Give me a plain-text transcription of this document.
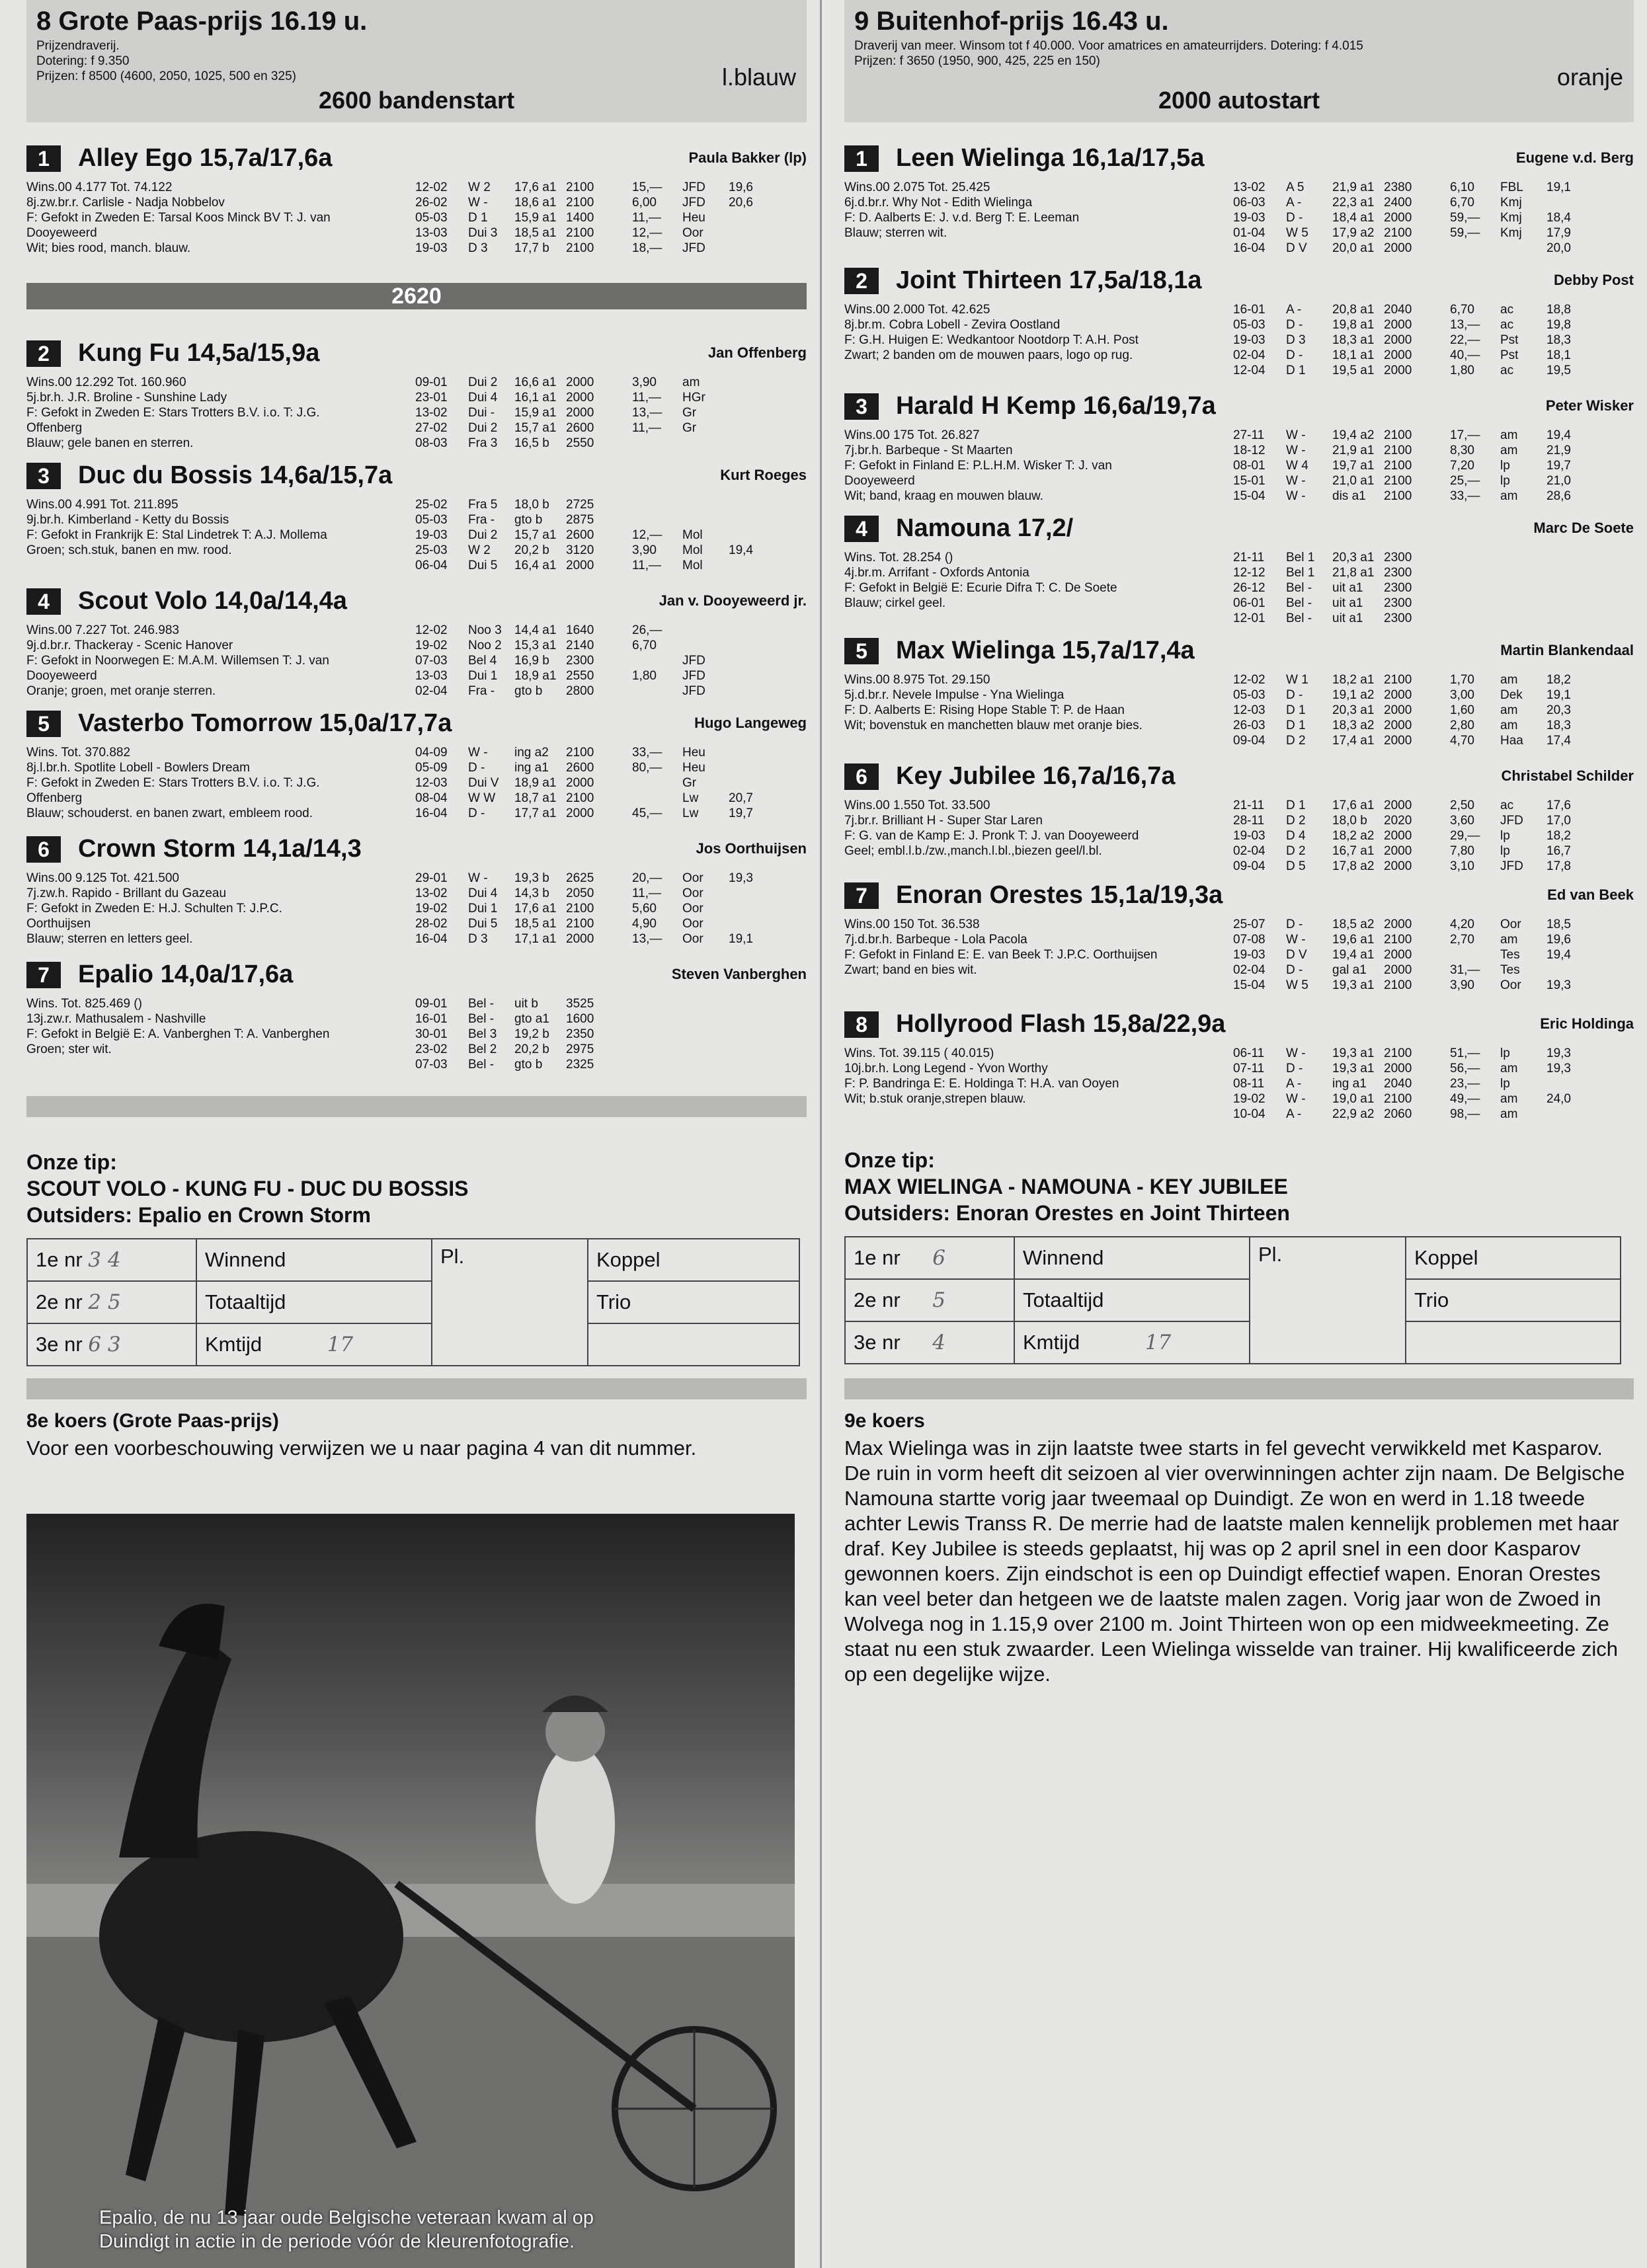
8 Grote Paas-prijs 16.19 u.
Prijzendraverij.
Dotering: f 9.350
Prijzen: f 8500 (4600, 2050, 1025, 500 en 325)
2600 bandenstart
l.blauw
1	Alley Ego 15,7a/17,6a	Paula Bakker (lp)
Wins.00 4.177 Tot. 74.122
8j.zw.br.r. Carlisle - Nadja Nobbelov
F: Gefokt in Zweden E: Tarsal Koos Minck BV T: J. van
Dooyeweerd
Wit; bies rood, manch. blauw.
12-02	W 2	17,6 a1 2100	15,—	JFD	19,6
26-02	W -	18,6 a1 2100	6,00	JFD	20,6
05-03	D 1	15,9 a1 1400	11,—	Heu
13-03	Dui 3	18,5 a1 2100	12,—	Oor
19-03	D 3	17,7 b	2100	18,—	JFD
2	Kung Fu 14,5a/15,9a	Jan Offenberg
Wins.00 12.292 Tot. 160.960
5j.br.h. J.R. Broline - Sunshine Lady
F: Gefokt in Zweden E: Stars Trotters B.V. i.o. T: J.G.
Offenberg
Blauw; gele banen en sterren.
09-01	Dui 2	16,6 a1 2000	3,90	am
23-01	Dui 4	16,1 a1 2000	11,—	HGr
13-02	Dui -	15,9 a1 2000	13,—	Gr
27-02	Dui 2	15,7 a1 2600	11,—	Gr
08-03	Fra 3	16,5 b	2550
3	Duc du Bossis 14,6a/15,7a	Kurt Roeges
Wins.00 4.991 Tot. 211.895
9j.br.h. Kimberland - Ketty du Bossis
F: Gefokt in Frankrijk E: Stal Lindetrek T: A.J. Mollema
Groen; sch.stuk, banen en mw. rood.
25-02	Fra 5	18,0 b	2725
05-03	Fra -	gto b	2875
19-03	Dui 2	15,7 a1 2600	12,—	Mol
25-03	W 2	20,2 b	3120	3,90	Mol	19,4
06-04	Dui 5	16,4 a1 2000	11,—	Mol
4	Scout Volo 14,0a/14,4a	Jan v. Dooyeweerd jr.
Wins.00 7.227 Tot. 246.983
9j.d.br.r. Thackeray - Scenic Hanover
F: Gefokt in Noorwegen E: M.A.M. Willemsen T: J. van
Dooyeweerd
Oranje; groen, met oranje sterren.
12-02	Noo 3	14,4 a1 1640	26,—
19-02	Noo 2	15,3 a1 2140	6,70
07-03	Bel 4	16,9 b	2300	JFD
13-03	Dui 1	18,9 a1 2550	1,80	JFD
02-04	Fra -	gto b	2800	JFD
5	Vasterbo Tomorrow 15,0a/17,7a	Hugo Langeweg
Wins. Tot. 370.882
8j.l.br.h. Spotlite Lobell - Bowlers Dream
F: Gefokt in Zweden E: Stars Trotters B.V. i.o. T: J.G.
Offenberg
Blauw; schouderst. en banen zwart, embleem rood.
04-09	W -	ing a2	2100	33,—	Heu
05-09	D -	ing a1	2600	80,—	Heu
12-03	Dui V	18,9 a1 2000	Gr
08-04	W W	18,7 a1 2100	Lw	20,7
16-04	D -	17,7 a1 2000	45,—	Lw	19,7
6	Crown Storm 14,1a/14,3	Jos Oorthuijsen
Wins.00 9.125 Tot. 421.500
7j.zw.h. Rapido - Brillant du Gazeau
F: Gefokt in Zweden E: H.J. Schulten T: J.P.C.
Oorthuijsen
Blauw; sterren en letters geel.
29-01	W -	19,3 b	2625	20,—	Oor	19,3
13-02	Dui 4	14,3 b	2050	11,—	Oor
19-02	Dui 1	17,6 a1 2100	5,60	Oor
28-02	Dui 5	18,5 a1 2100	4,90	Oor
16-04	D 3	17,1 a1 2000	13,—	Oor	19,1
7	Epalio 14,0a/17,6a	Steven Vanberghen
Wins. Tot. 825.469 ()
13j.zw.r. Mathusalem - Nashville
F: Gefokt in België E: A. Vanberghen T: A. Vanberghen
Groen; ster wit.
09-01	Bel -	uit b	3525
16-01	Bel -	gto a1	1600
30-01	Bel 3	19,2 b	2350
23-02	Bel 2	20,2 b	2975
07-03	Bel -	gto b	2325
2620
Onze tip:
SCOUT VOLO - KUNG FU - DUC DU BOSSIS
Outsiders: Epalio en Crown Storm
1e nr 3 4	Winnend	Pl.	Koppel
2e nr 2 5	Totaaltijd		Trio
3e nr 6 3	Kmtijd 17		
8e koers (Grote Paas-prijs)
Voor een voorbeschouwing verwijzen we u naar pagina 4 van dit nummer.
Epalio, de nu 13 jaar oude Belgische veteraan kwam al op
Duindigt in actie in de periode vóór de kleurenfotografie.
9 Buitenhof-prijs 16.43 u.
Draverij van meer. Winsom tot f 40.000. Voor amatrices en amateurrijders. Dotering: f 4.015
Prijzen: f 3650 (1950, 900, 425, 225 en 150)
2000 autostart
oranje
1	Leen Wielinga 16,1a/17,5a	Eugene v.d. Berg
Wins.00 2.075 Tot. 25.425
6j.d.br.r. Why Not - Edith Wielinga
F: D. Aalberts E: J. v.d. Berg T: E. Leeman
Blauw; sterren wit.
13-02	A 5	21,9 a1 2380	6,10	FBL	19,1
06-03	A -	22,3 a1 2400	6,70	Kmj
19-03	D -	18,4 a1 2000	59,—	Kmj	18,4
01-04	W 5	17,9 a2 2100	59,—	Kmj	17,9
16-04	D V	20,0 a1 2000	20,0
2	Joint Thirteen 17,5a/18,1a	Debby Post
Wins.00 2.000 Tot. 42.625
8j.br.m. Cobra Lobell - Zevira Oostland
F: G.H. Huigen E: Wedkantoor Nootdorp T: A.H. Post
Zwart; 2 banden om de mouwen paars, logo op rug.
16-01	A -	20,8 a1 2040	6,70	ac	18,8
05-03	D -	19,8 a1 2000	13,—	ac	19,8
19-03	D 3	18,3 a1 2000	22,—	Pst	18,3
02-04	D -	18,1 a1 2000	40,—	Pst	18,1
12-04	D 1	19,5 a1 2000	1,80	ac	19,5
3	Harald H Kemp 16,6a/19,7a	Peter Wisker
Wins.00 175 Tot. 26.827
7j.br.h. Barbeque - St Maarten
F: Gefokt in Finland E: P.L.H.M. Wisker T: J. van
Dooyeweerd
Wit; band, kraag en mouwen blauw.
27-11	W -	19,4 a2 2100	17,—	am	19,4
18-12	W -	21,9 a1 2100	8,30	am	21,9
08-01	W 4	19,7 a1 2100	7,20	lp	19,7
15-01	W -	21,0 a1 2100	25,—	lp	21,0
15-04	W -	dis a1	2100	33,—	am	28,6
4	Namouna 17,2/	Marc De Soete
Wins. Tot. 28.254 ()
4j.br.m. Arrifant - Oxfords Antonia
F: Gefokt in België E: Ecurie Difra T: C. De Soete
Blauw; cirkel geel.
21-11	Bel 1	20,3 a1 2300
12-12	Bel 1	21,8 a1 2300
26-12	Bel -	uit a1	2300
06-01	Bel -	uit a1	2300
12-01	Bel -	uit a1	2300
5	Max Wielinga 15,7a/17,4a	Martin Blankendaal
Wins.00 8.975 Tot. 29.150
5j.d.br.r. Nevele Impulse - Yna Wielinga
F: D. Aalberts E: Rising Hope Stable T: P. de Haan
Wit; bovenstuk en manchetten blauw met oranje bies.
12-02	W 1	18,2 a1 2100	1,70	am	18,2
05-03	D -	19,1 a2 2000	3,00	Dek	19,1
12-03	D 1	20,3 a1 2000	1,60	am	20,3
26-03	D 1	18,3 a2 2000	2,80	am	18,3
09-04	D 2	17,4 a1 2000	4,70	Haa	17,4
6	Key Jubilee 16,7a/16,7a	Christabel Schilder
Wins.00 1.550 Tot. 33.500
7j.br.r. Brilliant H - Super Star Laren
F: G. van de Kamp E: J. Pronk T: J. van Dooyeweerd
Geel; embl.l.b./zw.,manch.l.bl.,biezen geel/l.bl.
21-11	D 1	17,6 a1 2000	2,50	ac	17,6
28-11	D 2	18,0 b	2020	3,60	JFD	17,0
19-03	D 4	18,2 a2 2000	29,—	lp	18,2
02-04	D 2	16,7 a1 2000	7,80	lp	16,7
09-04	D 5	17,8 a2 2000	3,10	JFD	17,8
7	Enoran Orestes 15,1a/19,3a	Ed van Beek
Wins.00 150 Tot. 36.538
7j.d.br.h. Barbeque - Lola Pacola
F: Gefokt in Finland E: E. van Beek T: J.P.C. Oorthuijsen
Zwart; band en bies wit.
25-07	D -	18,5 a2 2000	4,20	Oor	18,5
07-08	W -	19,6 a1 2100	2,70	am	19,6
19-03	D V	19,4 a1 2000	Tes	19,4
02-04	D -	gal a1	2000	31,—	Tes
15-04	W 5	19,3 a1 2100	3,90	Oor	19,3
8	Hollyrood Flash 15,8a/22,9a	Eric Holdinga
Wins. Tot. 39.115 ( 40.015)
10j.br.h. Long Legend - Yvon Worthy
F: P. Bandringa E: E. Holdinga T: H.A. van Ooyen
Wit; b.stuk oranje,strepen blauw.
06-11	W -	19,3 a1 2100	51,—	lp	19,3
07-11	D -	19,3 a1 2000	56,—	am	19,3
08-11	A -	ing a1	2040	23,—	lp
19-02	W -	19,0 a1 2100	49,—	am	24,0
10-04	A -	22,9 a2 2060	98,—	am
Onze tip:
MAX WIELINGA - NAMOUNA - KEY JUBILEE
Outsiders: Enoran Orestes en Joint Thirteen
1e nr 6	Winnend	Pl.	Koppel
2e nr 5	Totaaltijd		Trio
3e nr 4	Kmtijd 17		
9e koers
Max Wielinga was in zijn laatste twee starts in fel gevecht verwikkeld met Kasparov. De ruin in vorm heeft dit seizoen al vier overwinningen achter zijn naam. De Belgische Namouna startte vorig jaar tweemaal op Duindigt. Ze won en werd in 1.18 tweede achter Lewis Transs R. De merrie had de laatste malen kennelijk problemen met haar draf. Key Jubilee is steeds geplaatst, hij was op 2 april snel in een door Kasparov gewonnen koers. Zijn eindschot is een op Duindigt effectief wapen. Enoran Orestes kan veel beter dan hetgeen we de laatste malen zagen. Vorig jaar won de Zwoed in Wolvega nog in 1.15,9 over 2100 m. Joint Thirteen won op een midweekmeeting. Ze staat nu een stuk zwaarder. Leen Wielinga wisselde van trainer. Hij kwalificeerde zich op een degelijke wijze.
